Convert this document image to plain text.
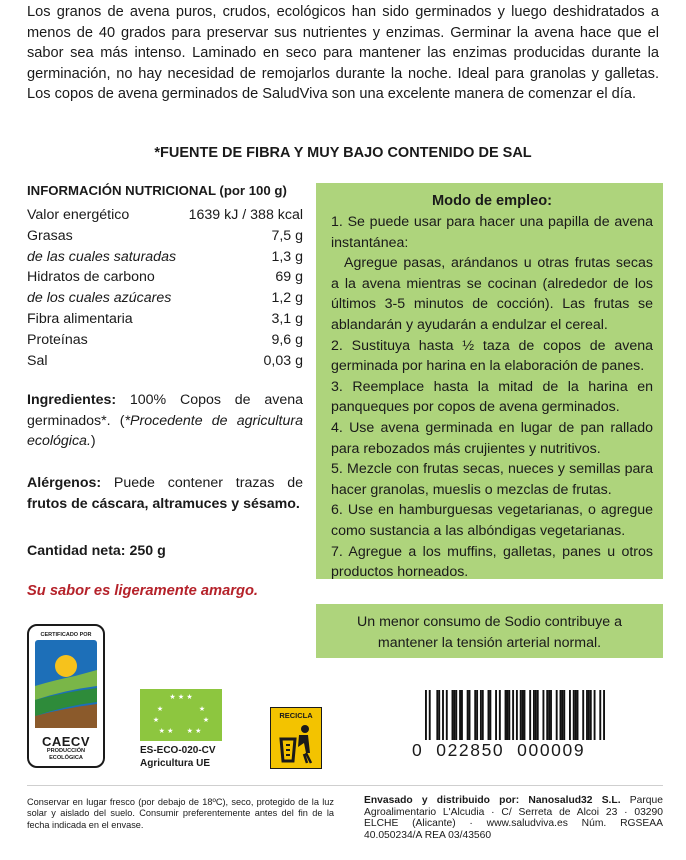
Los granos de avena puros, crudos, ecológicos han sido germinados y luego deshidratados a menos de 40 grados para preservar sus nutrientes y enzimas. Germinar la avena hace que el sabor sea más intenso. Laminado en seco para mantener las enzimas producidas durante la germinación, no hay necesidad de remojarlos durante la noche. Ideal para granolas y galletas. Los copos de avena germinados de SaludViva son una excelente manera de comenzar el día.

*FUENTE DE FIBRA Y MUY BAJO CONTENIDO DE SAL
INFORMACIÓN NUTRICIONAL (por 100 g)
Valor energético	1639 kJ / 388 kcal
Grasas	7,5 g
de las cuales saturadas	1,3 g
Hidratos de carbono	69 g
de los cuales azúcares	1,2 g
Fibra alimentaria	3,1 g
Proteínas	9,6 g
Sal	0,03 g

Ingredientes: 100% Copos de avena germinados*. (*Procedente de agricultura ecológica.)

Alérgenos: Puede contener trazas de frutos de cáscara, altramuces y sésamo.

Cantidad neta: 250 g

Su sabor es ligeramente amargo.
Modo de empleo:

1. Se puede usar para hacer una papilla de avena instantánea:

Agregue pasas, arándanos u otras frutas secas a la avena mientras se cocinan (alrededor de los últimos 3-5 minutos de cocción). Las frutas se ablandarán y ayudarán a endulzar el cereal.

2. Sustituya hasta ½ taza de copos de avena germinada por harina en la elaboración de panes.

3. Reemplace hasta la mitad de la harina en panqueques por copos de avena germinados.

4. Use avena germinada en lugar de pan rallado para rebozados más crujientes y nutritivos.

5. Mezcle con frutas secas, nueces y semillas para hacer granolas, mueslis o mezclas de frutas.

6. Use en hamburguesas vegetarianas, o agregue como sustancia a las albóndigas vegetarianas.

7. Agregue a los muffins, galletas, panes u otros productos horneados.

Un menor consumo de Sodio contribuye a mantener la tensión arterial normal.
CERTIFICADO POR
CAECV
PRODUCCIÓN
ECOLÓGICA
★ ★ ★
★	★
★	★
★ ★ ★ ★
ES-ECO-020-CV
Agricultura UE
RECICLA
0  022850  000009

Conservar en lugar fresco (por debajo de 18ºC), seco, protegido de la luz solar y aislado del suelo. Consumir preferentemente antes del fin de la fecha indicada en el envase.

Envasado y distribuido por: Nanosalud32 S.L. Parque Agroalimentario L'Alcudia · C/ Serreta de Alcoi 23 · 03290 ELCHE (Alicante) · www.saludviva.es Núm. RGSEAA 40.050234/A REA 03/43560
